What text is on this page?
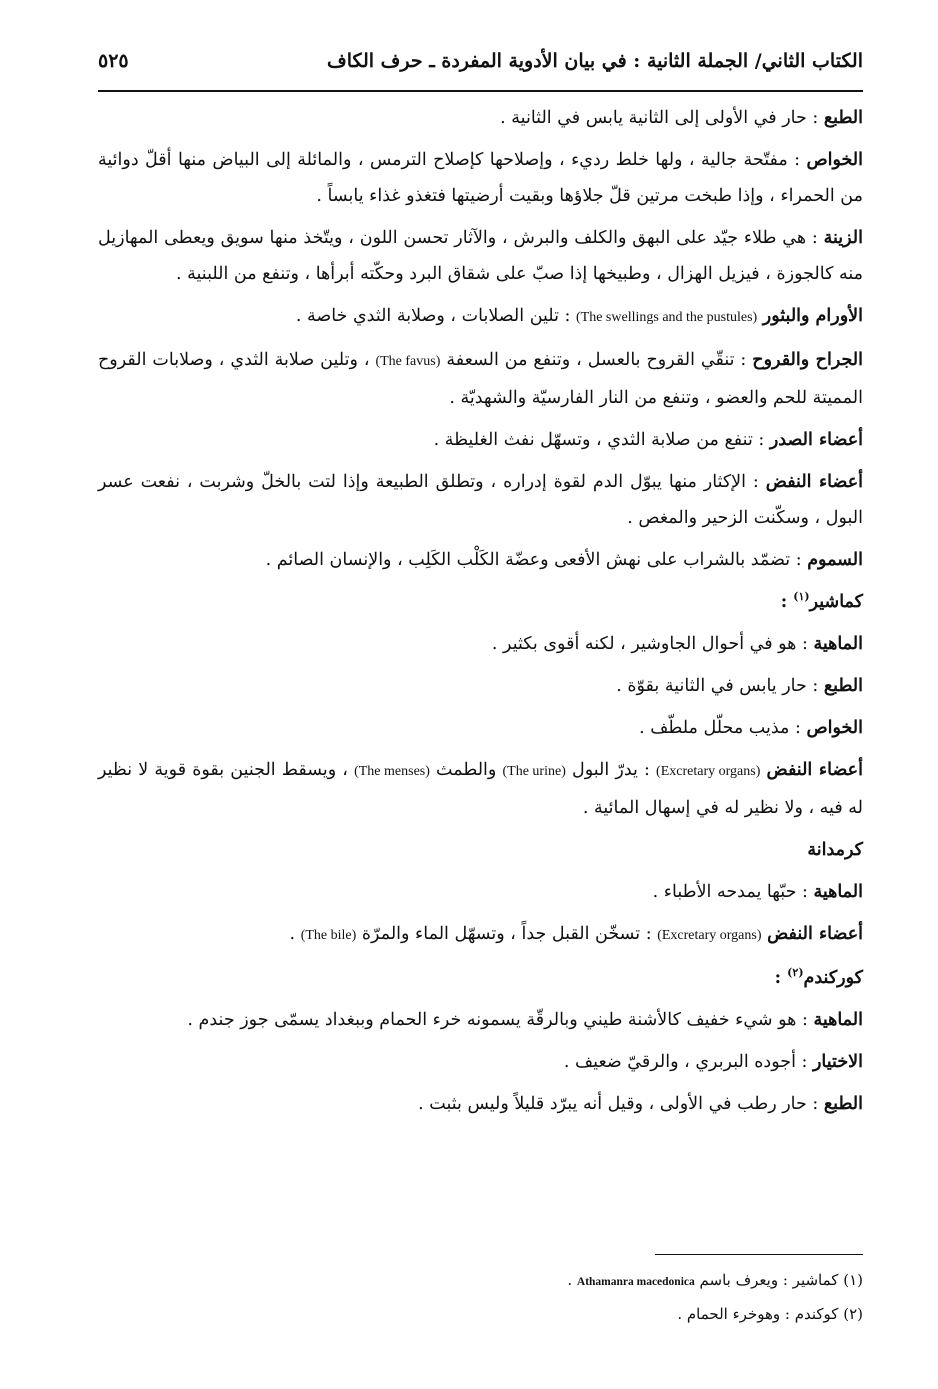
الكتاب الثاني/ الجملة الثانية : في بيان الأدوية المفردة ـ حرف الكاف
٥٢٥

الطبع : حار في الأولى إلى الثانية يابس في الثانية .

الخواص : مفتّحة جالية ، ولها خلط رديء ، وإصلاحها كإصلاح الترمس ، والمائلة إلى البياض منها أقلّ دوائية من الحمراء ، وإذا طبخت مرتين قلّ جلاؤها وبقيت أرضيتها فتغذو غذاء يابساً .

الزينة : هي طلاء جيّد على البهق والكلف والبرش ، والآثار تحسن اللون ، ويتّخذ منها سويق ويعطى المهازيل منه كالجوزة ، فيزيل الهزال ، وطبيخها إذا صبّ على شقاق البرد وحكّته أبرأها ، وتنفع من اللبنية .

الأورام والبثور (The swellings and the pustules) : تلين الصلابات ، وصلابة الثدي خاصة .

الجراح والقروح : تنقّي القروح بالعسل ، وتنفع من السعفة (The favus) ، وتلين صلابة الثدي ، وصلابات القروح المميتة للحم والعضو ، وتنفع من النار الفارسيّة والشهديّة .

أعضاء الصدر : تنفع من صلابة الثدي ، وتسهّل نفث الغليظة .

أعضاء النفض : الإكثار منها يبوّل الدم لقوة إدراره ، وتطلق الطبيعة وإذا لتت بالخلّ وشربت ، نفعت عسر البول ، وسكّنت الزحير والمغص .

السموم : تضمّد بالشراب على نهش الأفعى وعضّة الكَلْب الكَلِب ، والإنسان الصائم .

كماشير$^{(١)}$ :

الماهية : هو في أحوال الجاوشير ، لكنه أقوى بكثير .

الطبع : حار يابس في الثانية بقوّة .

الخواص : مذيب محلّل ملطّف .

أعضاء النفض (Excretary organs) : يدرّ البول (The urine) والطمث (The menses) ، ويسقط الجنين بقوة قوية لا نظير له فيه ، ولا نظير له في إسهال المائية .

كرمدانة

الماهية : حبّها يمدحه الأطباء .

أعضاء النفض (Excretary organs) : تسخّن القبل جداً ، وتسهّل الماء والمرّة (The bile) .

كوركندم$^{(٢)}$ :

الماهية : هو شيء خفيف كالأشنة طيني وبالرقّة يسمونه خرء الحمام وببغداد يسمّى جوز جندم .

الاختيار : أجوده البربري ، والرقيّ ضعيف .

الطبع : حار رطب في الأولى ، وقيل أنه يبرّد قليلاً وليس بثبت .

(١) كماشير : ويعرف باسم Athamanra macedonica .
(٢) كوكندم : وهوخرء الحمام .
